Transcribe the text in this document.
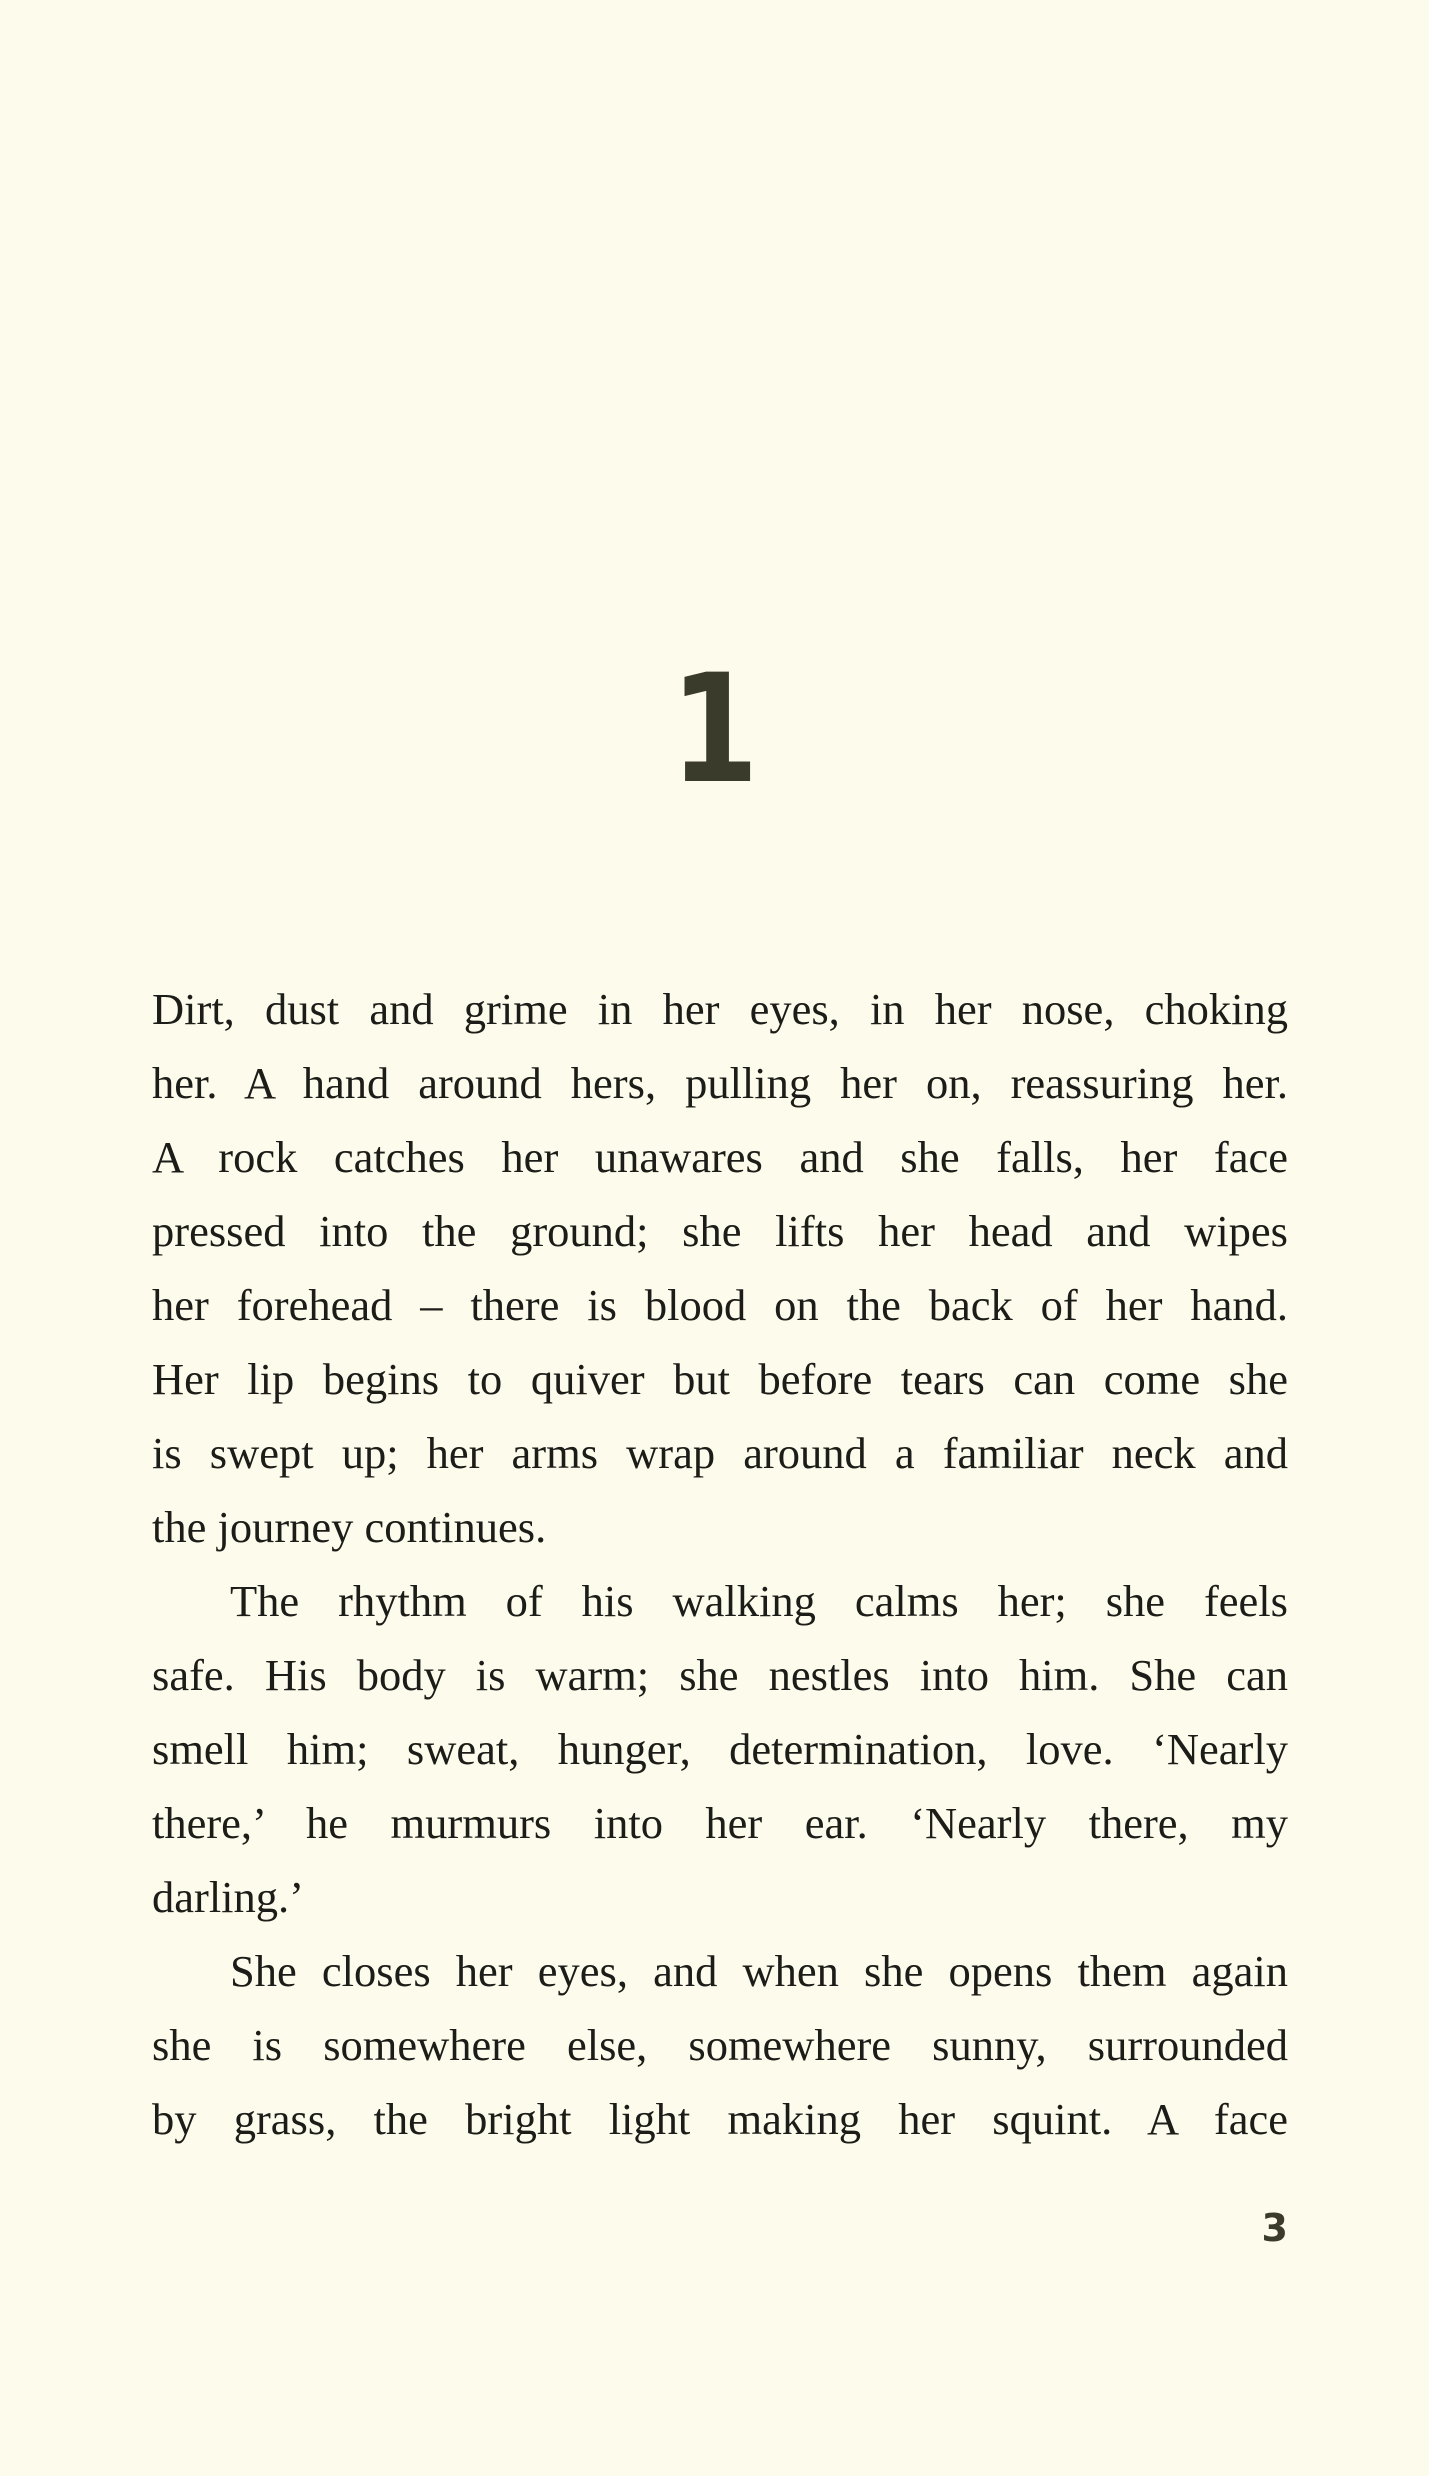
1

Dirt, dust and grime in her eyes, in her nose, choking
her. A hand around hers, pulling her on, reassuring her.
A rock catches her unawares and she falls, her face
pressed into the ground; she lifts her head and wipes
her forehead – there is blood on the back of her hand.
Her lip begins to quiver but before tears can come she
is swept up; her arms wrap around a familiar neck and
the journey continues.

The rhythm of his walking calms her; she feels
safe. His body is warm; she nestles into him. She can
smell him; sweat, hunger, determination, love. ‘Nearly
there,’ he murmurs into her ear. ‘Nearly there, my
darling.’

She closes her eyes, and when she opens them again
she is somewhere else, somewhere sunny, surrounded
by grass, the bright light making her squint. A face

3
